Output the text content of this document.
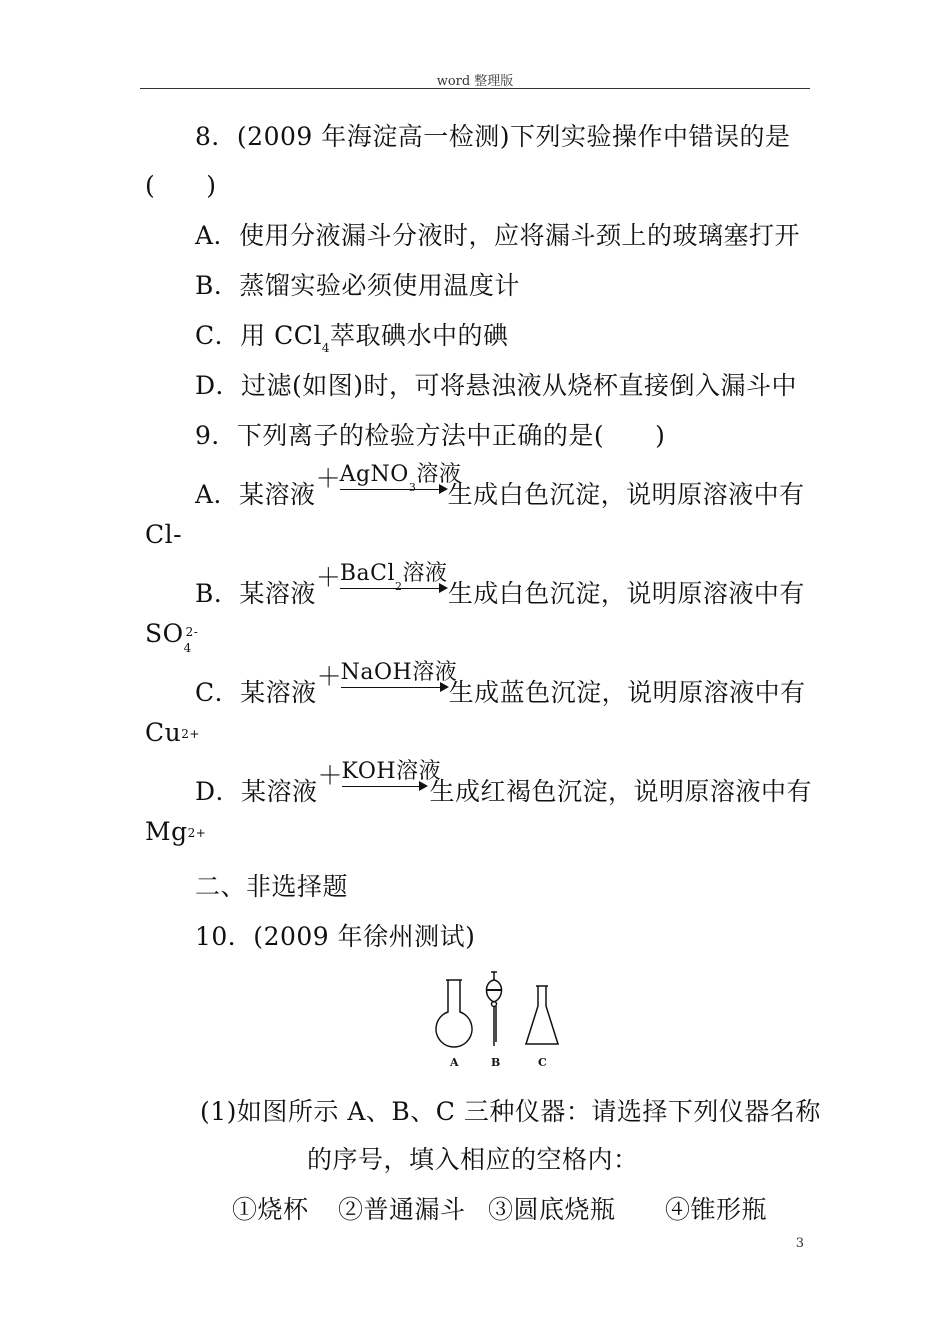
word 整理版
8．(2009 年海淀高一检测)下列实验操作中错误的是
(　　)
A．使用分液漏斗分液时，应将漏斗颈上的玻璃塞打开
B．蒸馏实验必须使用温度计
C．用 CCl$_4$萃取碘水中的碘
D．过滤(如图)时，可将悬浊液从烧杯直接倒入漏斗中
9．下列离子的检验方法中正确的是(　　)
A．某溶液
＋
AgNO$_3$溶液
生成白色沉淀，说明原溶液中有
Cl-
B．某溶液
＋
BaCl$_2$溶液
生成白色沉淀，说明原溶液中有
SO 2-
4
C．某溶液
＋
NaOH溶液
生成蓝色沉淀，说明原溶液中有
Cu2+
D．某溶液
＋
KOH溶液
生成红褐色沉淀，说明原溶液中有
Mg2+
二、非选择题
10．(2009 年徐州测试)
A	B	C
(1)如图所示 A、B、C 三种仪器：请选择下列仪器名称
的序号，填入相应的空格内：
①烧杯 ②普通漏斗 ③圆底烧瓶 ④锥形瓶
3
